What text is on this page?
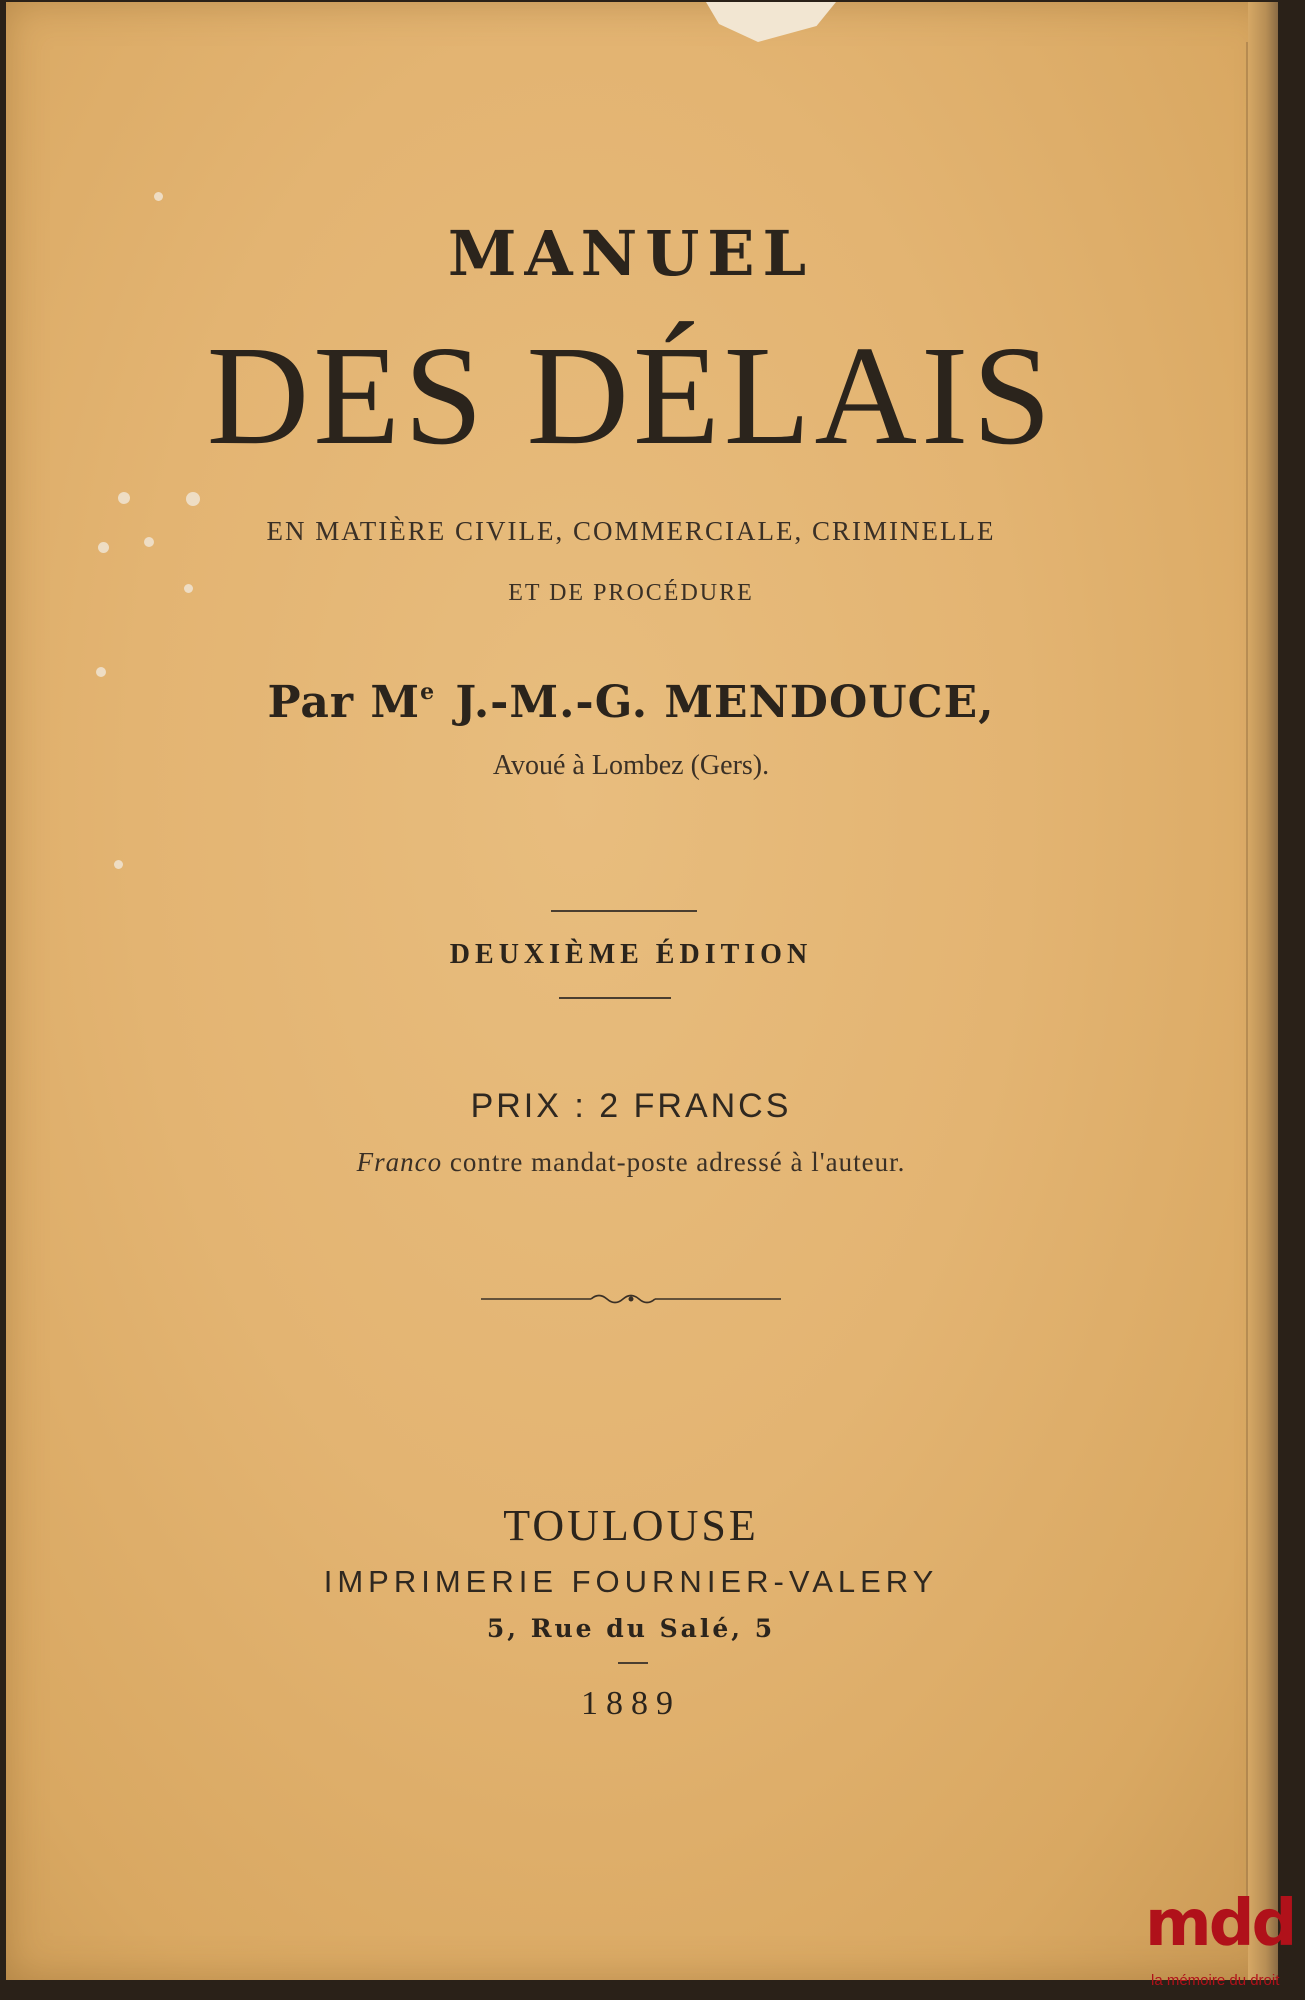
MANUEL
DES DÉLAIS
EN MATIÈRE CIVILE, COMMERCIALE, CRIMINELLE
ET DE PROCÉDURE
Par Me J.-M.-G. MENDOUCE,
Avoué à Lombez (Gers).
DEUXIÈME ÉDITION
PRIX : 2 FRANCS
Franco contre mandat-poste adressé à l'auteur.
TOULOUSE
IMPRIMERIE FOURNIER-VALERY
5, Rue du Salé, 5
1889
mdd
la mémoire du droit
